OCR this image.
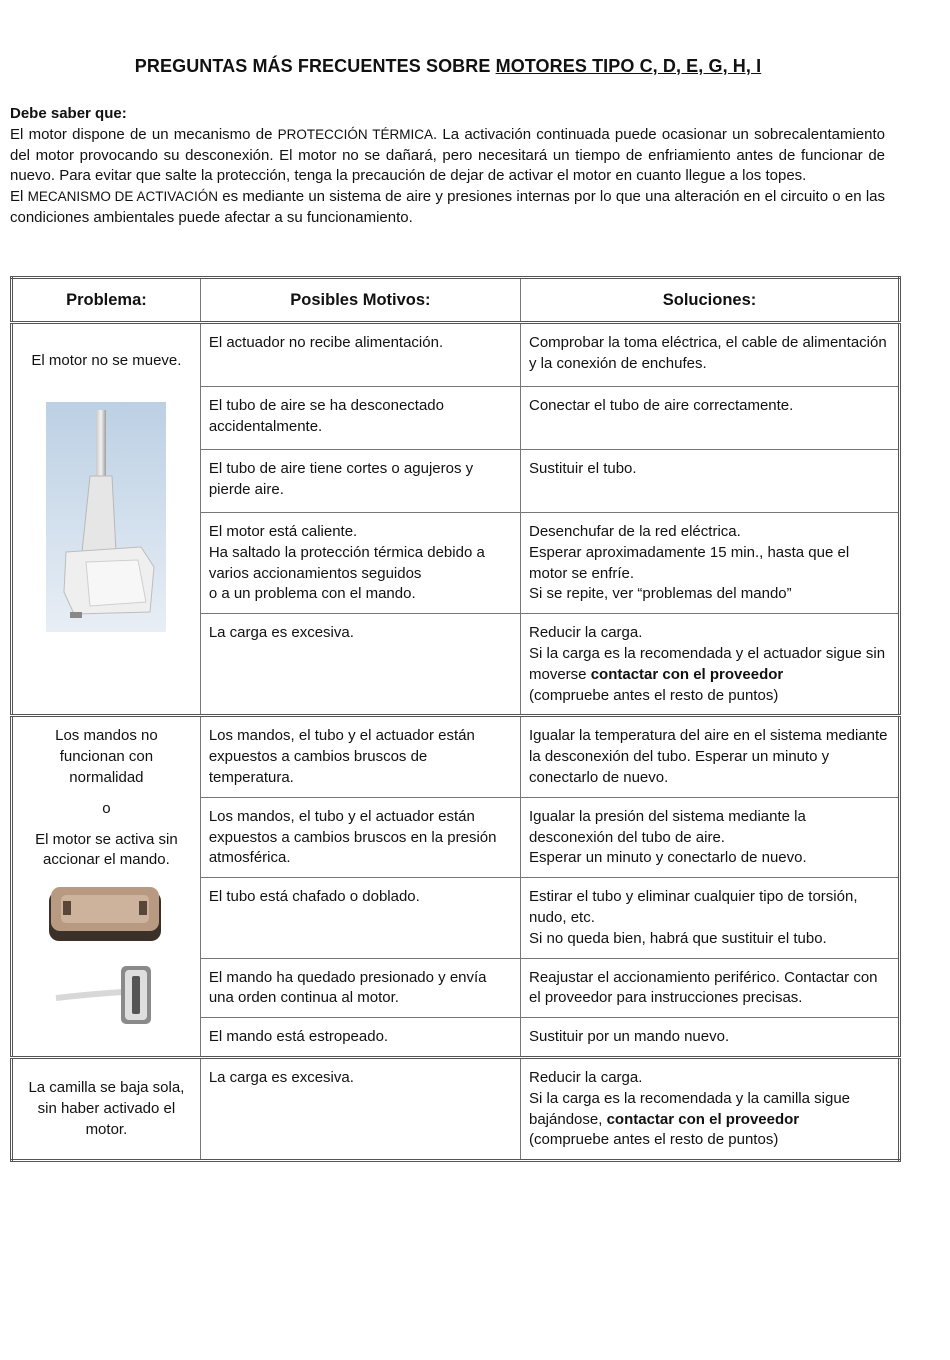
PREGUNTAS MÁS FRECUENTES SOBRE MOTORES TIPO C, D, E, G, H, I
Debe saber que:

El motor dispone de un mecanismo de PROTECCIÓN TÉRMICA. La activación continuada puede ocasionar un sobrecalentamiento del motor provocando su desconexión. El motor no se dañará, pero necesitará un tiempo de enfriamiento antes de funcionar de nuevo. Para evitar que salte la protección, tenga la precaución de dejar de activar el motor en cuanto llegue a los topes.

El MECANISMO DE ACTIVACIÓN es mediante un sistema de aire y presiones internas por lo que una alteración en el circuito o en las condiciones ambientales puede afectar a su funcionamiento.

Problema:	Posibles Motivos:	Soluciones:

El motor no se mueve.	El actuador no recibe alimentación.	Comprobar la toma eléctrica, el cable de alimentación y la conexión de enchufes.
	El tubo de aire se ha desconectado accidentalmente.	Conectar el tubo de aire correctamente.
	El tubo de aire tiene cortes o agujeros y pierde aire.	Sustituir el tubo.
	El motor está caliente.
Ha saltado la protección térmica debido a varios accionamientos seguidos
o a un problema con el mando.	Desenchufar de la red eléctrica.
Esperar aproximadamente 15 min., hasta que el motor se enfríe.
Si se repite, ver “problemas del mando”

	La carga es excesiva.	Reducir la carga.
Si la carga es la recomendada y el actuador sigue sin moverse contactar con el proveedor
(compruebe antes el resto de puntos)

Los mandos no funcionan con normalidad
o
El motor se activa sin accionar el mando.	Los mandos, el tubo y el actuador están expuestos a cambios bruscos de temperatura.	Igualar la temperatura del aire en el sistema mediante la desconexión del tubo. Esperar un minuto y conectarlo de nuevo.
	Los mandos, el tubo y el actuador están expuestos a cambios bruscos en la presión atmosférica.	Igualar la presión del sistema mediante la desconexión del tubo de aire.
Esperar un minuto y conectarlo de nuevo.

	El tubo está chafado o doblado.	Estirar el tubo y eliminar cualquier tipo de torsión, nudo, etc.
Si no queda bien, habrá que sustituir el tubo.

	El mando ha quedado presionado y envía una orden continua al motor.	Reajustar el accionamiento periférico. Contactar con el proveedor para instrucciones precisas.
	El mando está estropeado.	Sustituir por un mando nuevo.

La camilla se baja sola, sin haber activado el motor.	La carga es excesiva.	Reducir la carga.
Si la carga es la recomendada y la camilla sigue bajándose, contactar con el proveedor
(compruebe antes el resto de puntos)
